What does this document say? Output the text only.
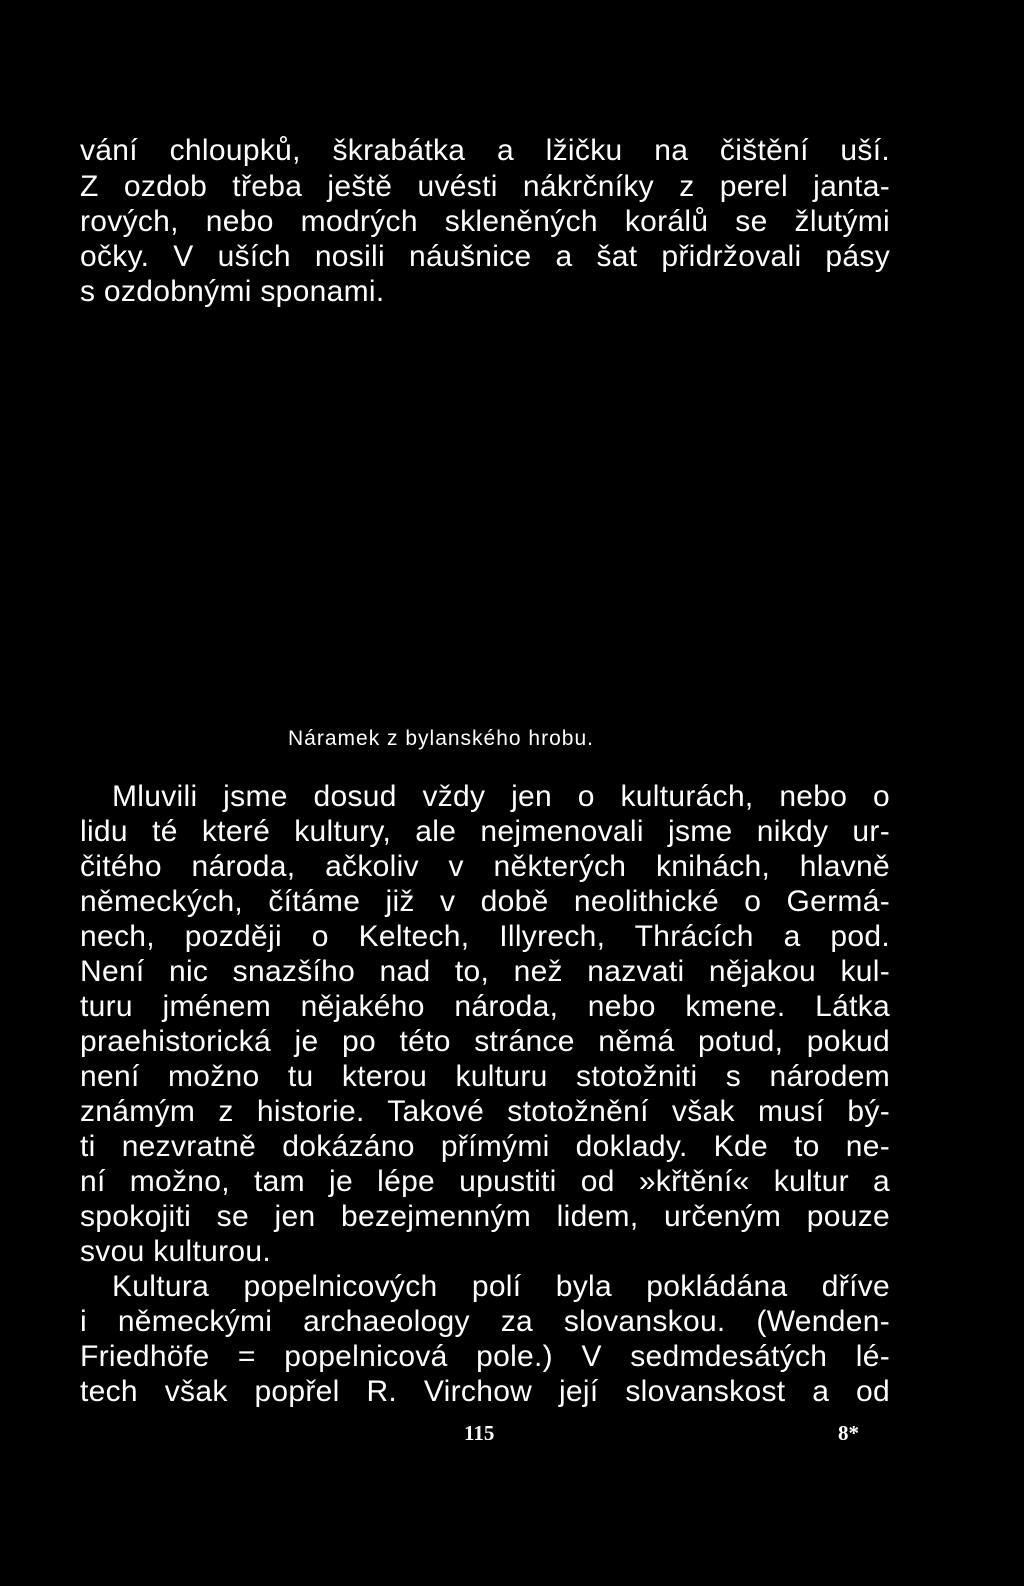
vání chloupků, škrabátka a lžičku na čištění uší.
Z ozdob třeba ještě uvésti nákrčníky z perel janta-
rových, nebo modrých skleněných korálů se žlutými
očky. V uších nosili náušnice a šat přidržovali pásy
s ozdobnými sponami.
Náramek z bylanského hrobu.
Mluvili jsme dosud vždy jen o kulturách, nebo o
lidu té které kultury, ale nejmenovali jsme nikdy ur-
čitého národa, ačkoliv v některých knihách, hlavně
německých, čítáme již v době neolithické o Germá-
nech, později o Keltech, Illyrech, Thrácích a pod.
Není nic snazšího nad to, než nazvati nějakou kul-
turu jménem nějakého národa, nebo kmene. Látka
praehistorická je po této stránce němá potud, pokud
není možno tu kterou kulturu stotožniti s národem
známým z historie. Takové stotožnění však musí bý-
ti nezvratně dokázáno přímými doklady. Kde to ne-
ní možno, tam je lépe upustiti od »křtění« kultur a
spokojiti se jen bezejmenným lidem, určeným pouze
svou kulturou.
Kultura popelnicových polí byla pokládána dříve
i německými archaeology za slovanskou. (Wenden-
Friedhöfe = popelnicová pole.) V sedmdesátých lé-
tech však popřel R. Virchow její slovanskost a od
115	8*
